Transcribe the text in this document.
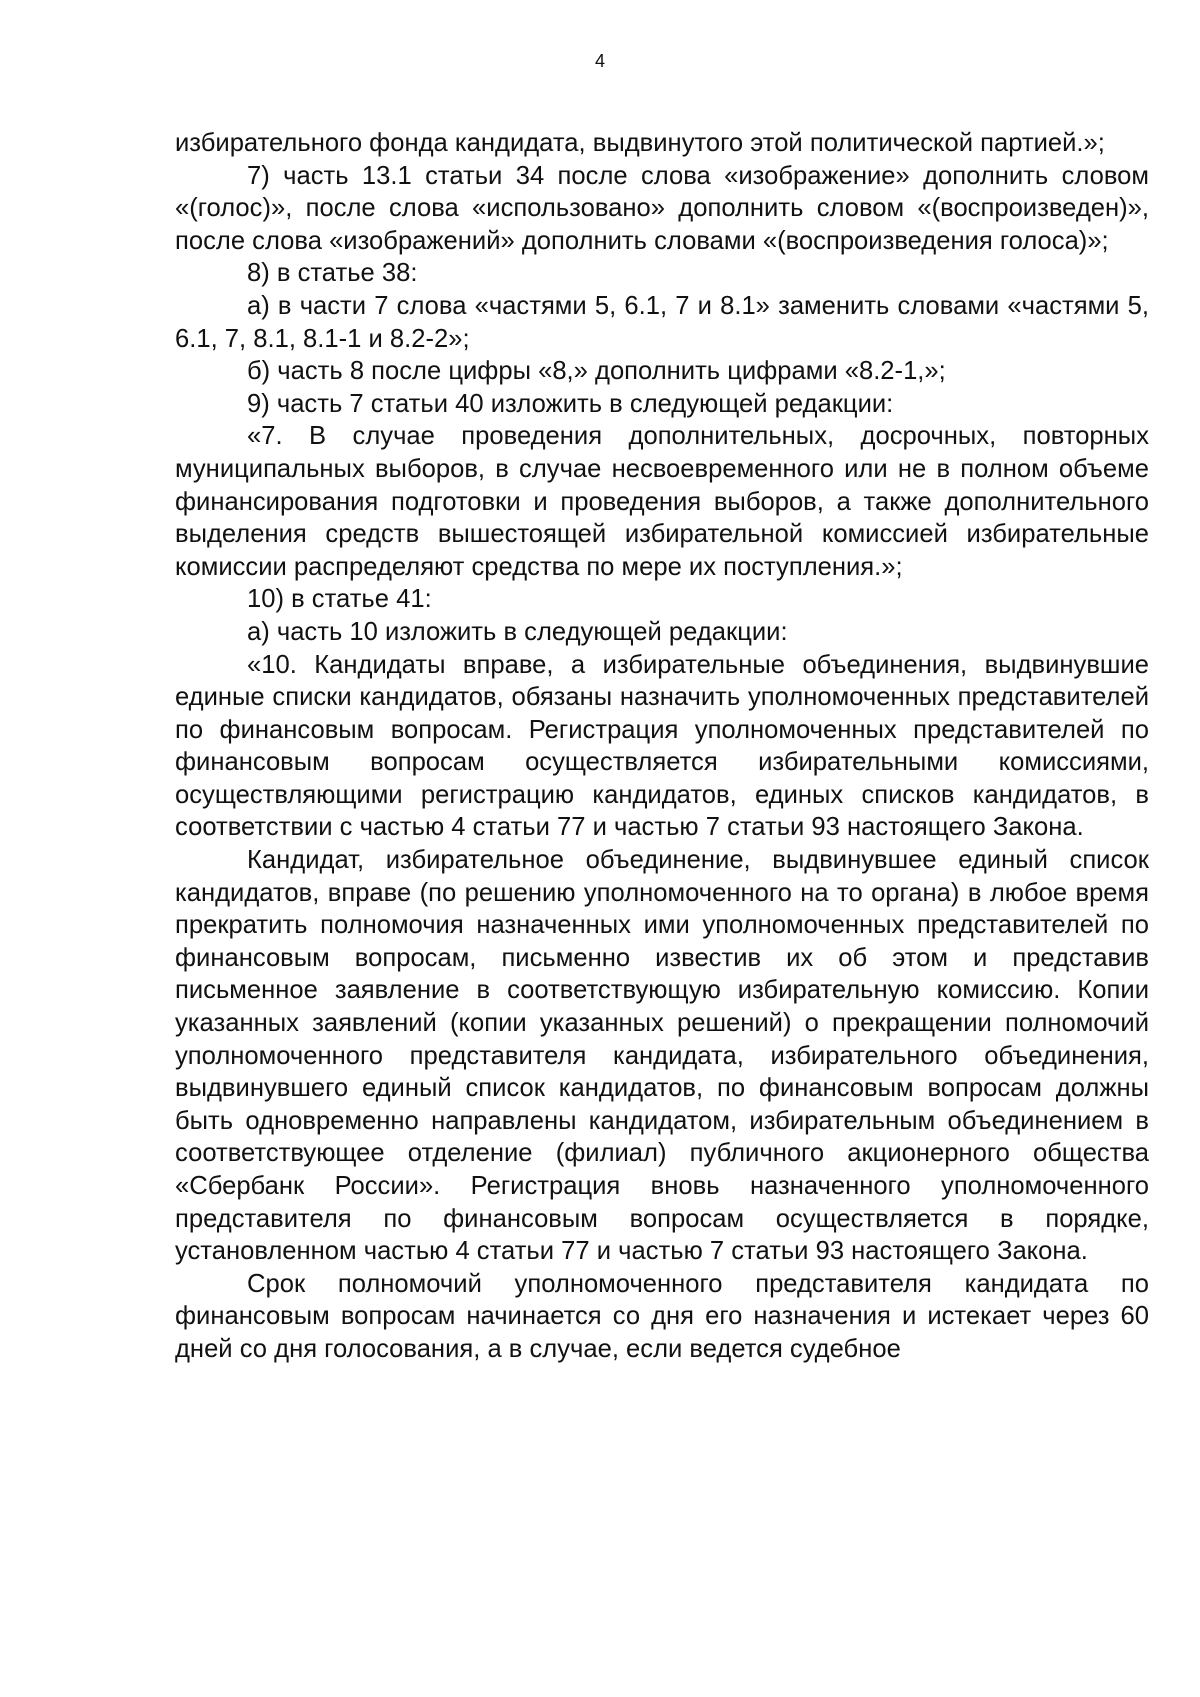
4

избирательного фонда кандидата, выдвинутого этой политической партией.»;

7) часть 13.1 статьи 34 после слова «изображение» дополнить словом «(голос)», после слова «использовано» дополнить словом «(воспроизведен)», после слова «изображений» дополнить словами «(воспроизведения голоса)»;

8) в статье 38:

а) в части 7 слова «частями 5, 6.1, 7 и 8.1» заменить словами «частями 5, 6.1, 7, 8.1, 8.1-1 и 8.2-2»;

б) часть 8 после цифры «8,» дополнить цифрами «8.2-1,»;

9) часть 7 статьи 40 изложить в следующей редакции:

«7. В случае проведения дополнительных, досрочных, повторных муниципальных выборов, в случае несвоевременного или не в полном объеме финансирования подготовки и проведения выборов, а также дополнительного выделения средств вышестоящей избирательной комиссией избирательные комиссии распределяют средства по мере их поступления.»;

10) в статье 41:

а) часть 10 изложить в следующей редакции:

«10. Кандидаты вправе, а избирательные объединения, выдвинувшие единые списки кандидатов, обязаны назначить уполномоченных представителей по финансовым вопросам. Регистрация уполномоченных представителей по финансовым вопросам осуществляется избирательными комиссиями, осуществляющими регистрацию кандидатов, единых списков кандидатов, в соответствии с частью 4 статьи 77 и частью 7 статьи 93 настоящего Закона.

Кандидат, избирательное объединение, выдвинувшее единый список кандидатов, вправе (по решению уполномоченного на то органа) в любое время прекратить полномочия назначенных ими уполномоченных представителей по финансовым вопросам, письменно известив их об этом и представив письменное заявление в соответствующую избирательную комиссию. Копии указанных заявлений (копии указанных решений) о прекращении полномочий уполномоченного представителя кандидата, избирательного объединения, выдвинувшего единый список кандидатов, по финансовым вопросам должны быть одновременно направлены кандидатом, избирательным объединением в соответствующее отделение (филиал) публичного акционерного общества «Сбербанк России». Регистрация вновь назначенного уполномоченного представителя по финансовым вопросам осуществляется в порядке, установленном частью 4 статьи 77 и частью 7 статьи 93 настоящего Закона.

Срок полномочий уполномоченного представителя кандидата по финансовым вопросам начинается со дня его назначения и истекает через 60 дней со дня голосования, а в случае, если ведется судебное
